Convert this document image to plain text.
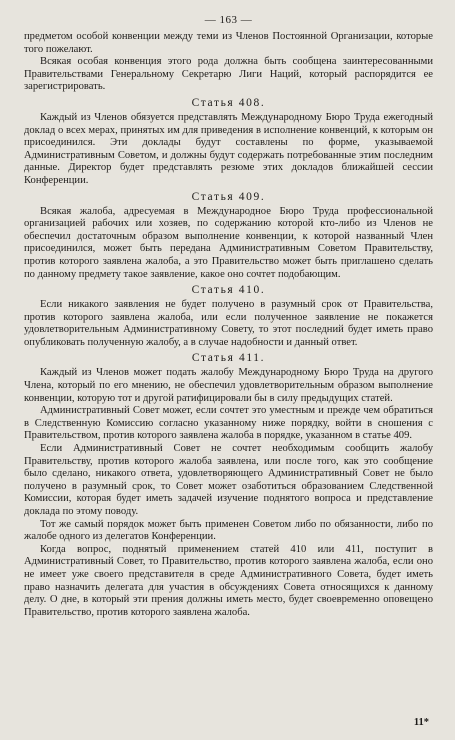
— 163 —

предметом особой конвенции между теми из Членов Постоянной Организации, которые того пожелают.

Всякая особая конвенция этого рода должна быть сообщена заинтересованными Правительствами Генеральному Секретарю Лиги Наций, который распорядится ее зарегистрировать.

Статья 408.

Каждый из Членов обязуется представлять Международному Бюро Труда ежегодный доклад о всех мерах, принятых им для приведения в исполнение конвенций, к которым он присоединился. Эти доклады будут составлены по форме, указываемой Административным Советом, и должны будут содержать потребованные этим последним данные. Директор будет представлять резюме этих докладов ближайшей сессии Конференции.

Статья 409.

Всякая жалоба, адресуемая в Международное Бюро Труда профессиональной организацией рабочих или хозяев, по содержанию которой кто-либо из Членов не обеспечил достаточным образом выполнение конвенции, к которой названный Член присоединился, может быть передана Административным Советом Правительству, против которого заявлена жалоба, а это Правительство может быть приглашено сделать по данному предмету такое заявление, какое оно сочтет подобающим.

Статья 410.

Если никакого заявления не будет получено в разумный срок от Правительства, против которого заявлена жалоба, или если полученное заявление не покажется удовлетворительным Административному Совету, то этот последний будет иметь право опубликовать полученную жалобу, а в случае надобности и данный ответ.

Статья 411.

Каждый из Членов может подать жалобу Международному Бюро Труда на другого Члена, который по его мнению, не обеспечил удовлетворительным образом выполнение конвенции, которую тот и другой ратифицировали бы в силу предыдущих статей.

Административный Совет может, если сочтет это уместным и прежде чем обратиться в Следственную Комиссию согласно указанному ниже порядку, войти в сношения с Правительством, против которого заявлена жалоба в порядке, указанном в статье 409.

Если Административный Совет не сочтет необходимым сообщить жалобу Правительству, против которого жалоба заявлена, или после того, как это сообщение было сделано, никакого ответа, удовлетворяющего Административный Совет не было получено в разумный срок, то Совет может озаботиться образованием Следственной Комиссии, которая будет иметь задачей изучение поднятого вопроса и представление доклада по этому поводу.

Тот же самый порядок может быть применен Советом либо по обязанности, либо по жалобе одного из делегатов Конференции.

Когда вопрос, поднятый применением статей 410 или 411, поступит в Административный Совет, то Правительство, против которого заявлена жалоба, если оно не имеет уже своего представителя в среде Административного Совета, будет иметь право назначить делегата для участия в обсуждениях Совета относящихся к данному делу. О дне, в который эти прения должны иметь место, будет своевременно оповещено Правительство, против которого заявлена жалоба.

11*
